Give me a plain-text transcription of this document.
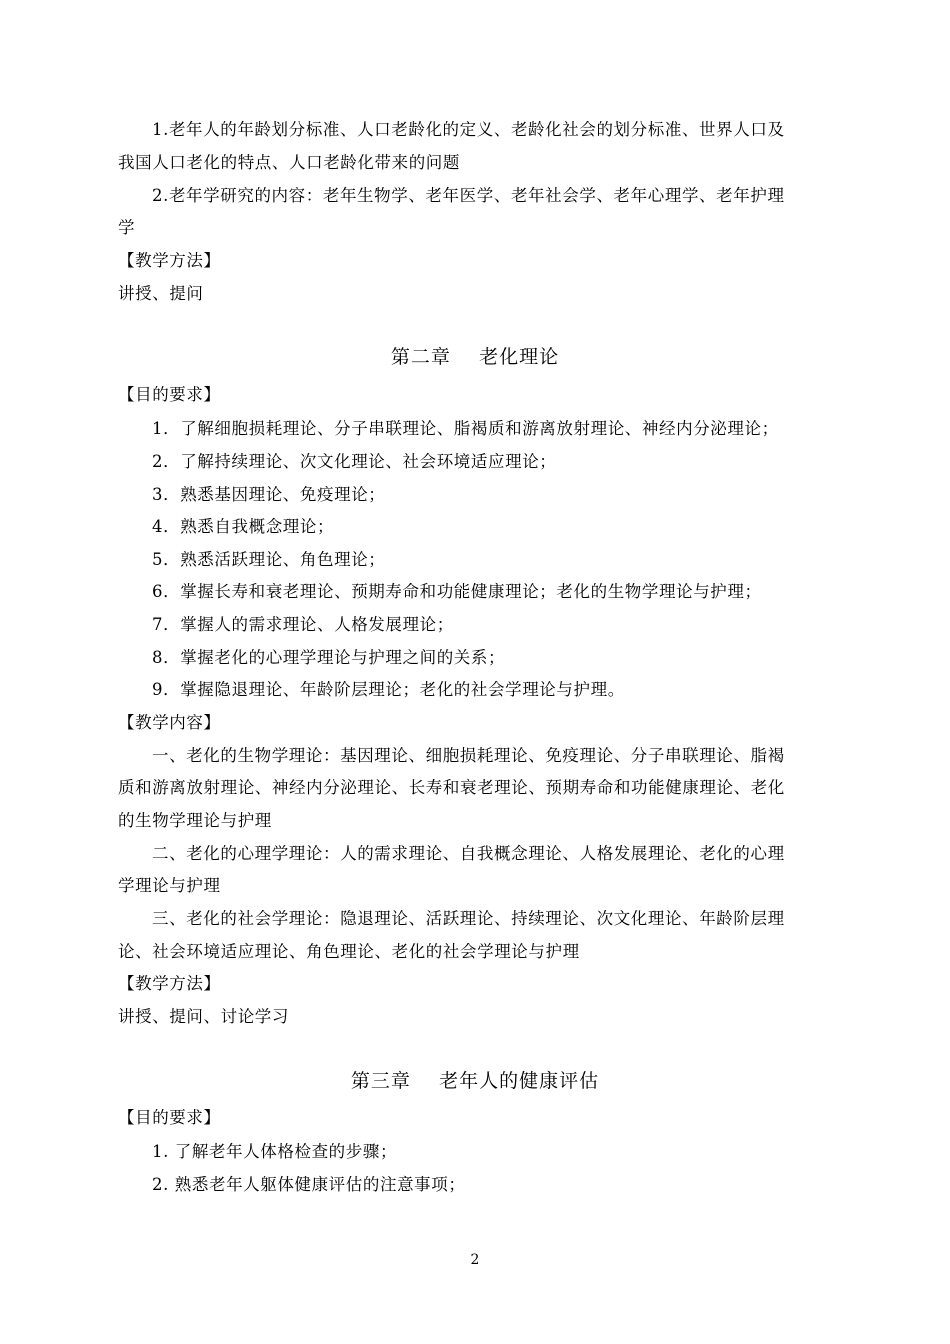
1.老年人的年龄划分标准、人口老龄化的定义、老龄化社会的划分标准、世界人口及
我国人口老化的特点、人口老龄化带来的问题
2.老年学研究的内容：老年生物学、老年医学、老年社会学、老年心理学、老年护理
学
【教学方法】
讲授、提问
第二章    老化理论
【目的要求】
1．了解细胞损耗理论、分子串联理论、脂褐质和游离放射理论、神经内分泌理论；
2．了解持续理论、次文化理论、社会环境适应理论；
3．熟悉基因理论、免疫理论；
4．熟悉自我概念理论；
5．熟悉活跃理论、角色理论；
6．掌握长寿和衰老理论、预期寿命和功能健康理论；老化的生物学理论与护理；
7．掌握人的需求理论、人格发展理论；
8．掌握老化的心理学理论与护理之间的关系；
9．掌握隐退理论、年龄阶层理论；老化的社会学理论与护理。
【教学内容】
一、老化的生物学理论：基因理论、细胞损耗理论、免疫理论、分子串联理论、脂褐
质和游离放射理论、神经内分泌理论、长寿和衰老理论、预期寿命和功能健康理论、老化
的生物学理论与护理
二、老化的心理学理论：人的需求理论、自我概念理论、人格发展理论、老化的心理
学理论与护理
三、老化的社会学理论：隐退理论、活跃理论、持续理论、次文化理论、年龄阶层理
论、社会环境适应理论、角色理论、老化的社会学理论与护理
【教学方法】
讲授、提问、讨论学习
第三章    老年人的健康评估
【目的要求】
1. 了解老年人体格检查的步骤；
2. 熟悉老年人躯体健康评估的注意事项；
2
